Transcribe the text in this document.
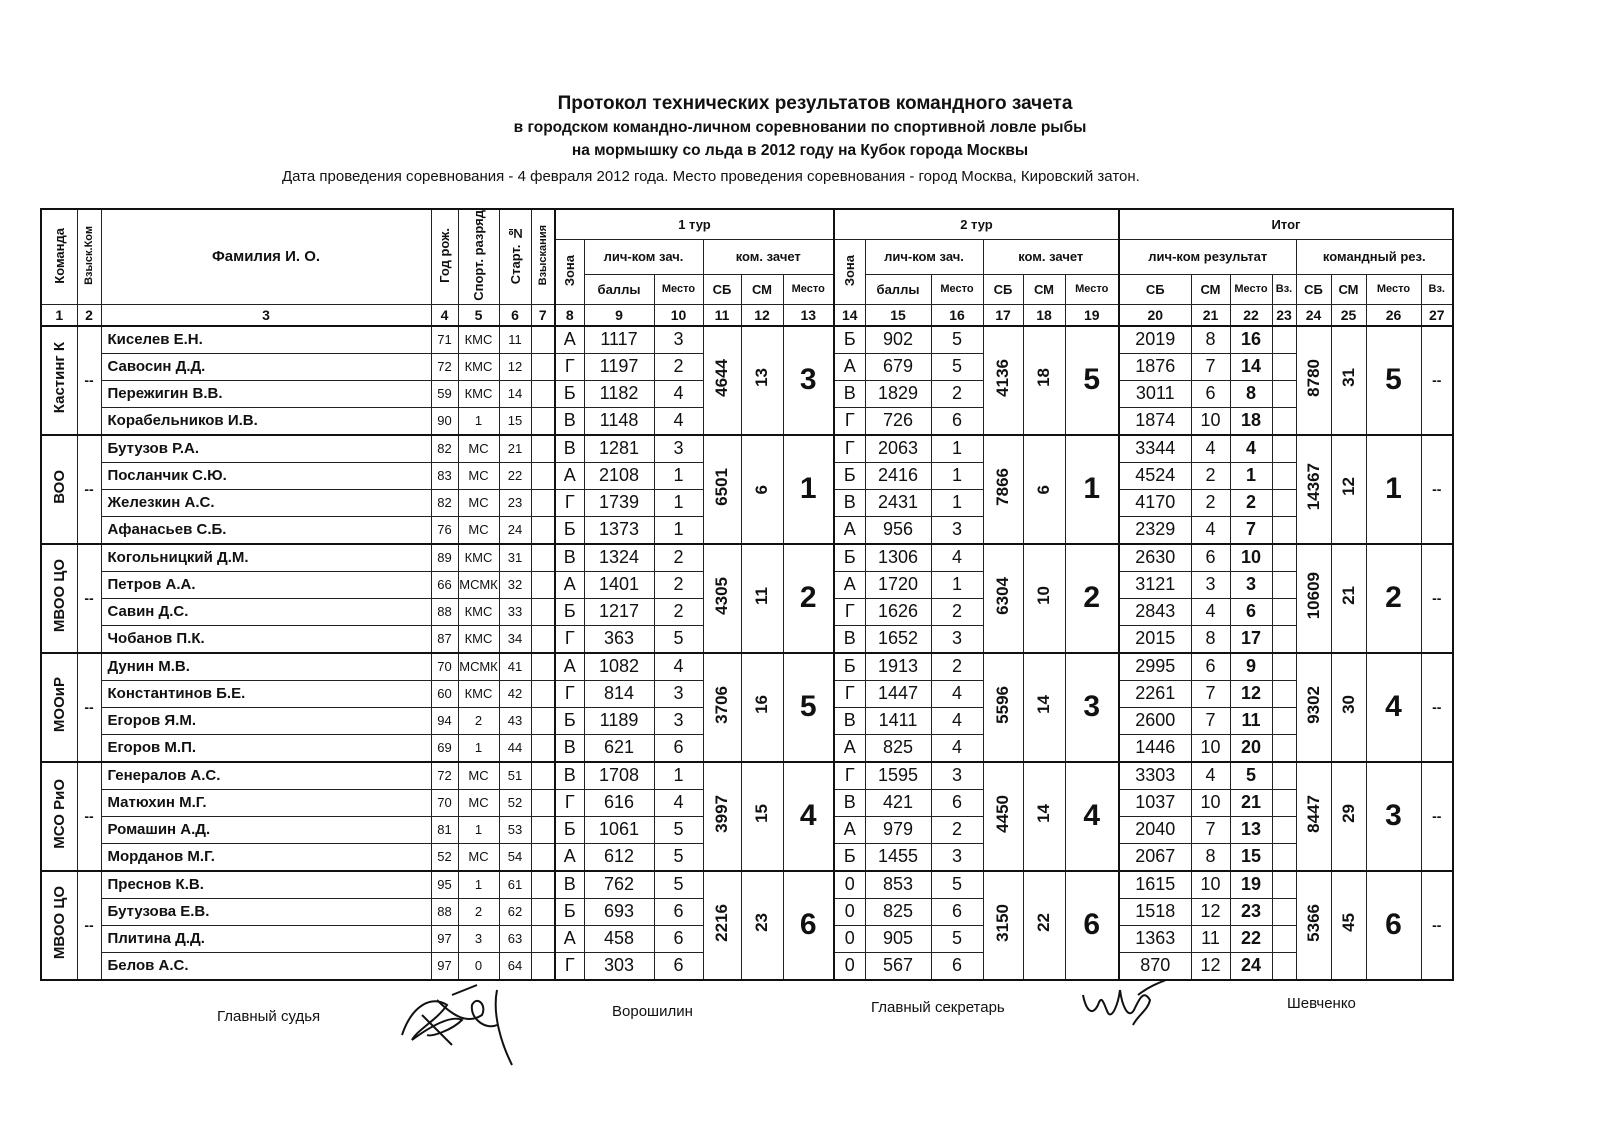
Протокол технических результатов командного зачета
в городском командно-личном соревновании по спортивной ловле рыбы
на мормышку со льда в 2012 году на Кубок города Москвы
Дата проведения соревнования - 4 февраля 2012 года. Место проведения соревнования - город Москва, Кировский затон.
Команда	Взыск.Ком	Фамилия И. О.	Год рож.	Спорт. разряд	Старт. №	Взыскания	1 тур						2 тур						Итог							
							Зона	лич-ком зач.		ком. зачет			Зона	лич-ком зач.		ком. зачет			лич-ком результат				командный рез.			
								баллы	Место	СБ	СМ	Место		баллы	Место	СБ	СМ	Место	СБ	СМ	Место	Вз.	СБ	СМ	Место	Вз.
1	2	3	4	5	6	7	8	9	10	11	12	13	14	15	16	17	18	19	20	21	22	23	24	25	26	27
Кастинг К	--	Киселев Е.Н.	71	КМС	11		А	1117	3	4644	13	3	Б	902	5	4136	18	5	2019	8	16		8780	31	5	--
		Савосин Д.Д.	72	КМС	12		Г	1197	2				А	679	5				1876	7	14					
		Пережигин В.В.	59	КМС	14		Б	1182	4				В	1829	2				3011	6	8					
		Корабельников И.В.	90	1	15		В	1148	4				Г	726	6				1874	10	18					
ВОО	--	Бутузов Р.А.	82	МС	21		В	1281	3	6501	6	1	Г	2063	1	7866	6	1	3344	4	4		14367	12	1	--
		Посланчик С.Ю.	83	МС	22		А	2108	1				Б	2416	1				4524	2	1					
		Железкин А.С.	82	МС	23		Г	1739	1				В	2431	1				4170	2	2					
		Афанасьев С.Б.	76	МС	24		Б	1373	1				А	956	3				2329	4	7					
МВОО ЦО	--	Когольницкий Д.М.	89	КМС	31		В	1324	2	4305	11	2	Б	1306	4	6304	10	2	2630	6	10		10609	21	2	--
		Петров А.А.	66	МСМК	32		А	1401	2				А	1720	1				3121	3	3					
		Савин Д.С.	88	КМС	33		Б	1217	2				Г	1626	2				2843	4	6					
		Чобанов П.К.	87	КМС	34		Г	363	5				В	1652	3				2015	8	17					
МООиР	--	Дунин М.В.	70	МСМК	41		А	1082	4	3706	16	5	Б	1913	2	5596	14	3	2995	6	9		9302	30	4	--
		Константинов Б.Е.	60	КМС	42		Г	814	3				Г	1447	4				2261	7	12					
		Егоров Я.М.	94	2	43		Б	1189	3				В	1411	4				2600	7	11					
		Егоров М.П.	69	1	44		В	621	6				А	825	4				1446	10	20					
МСО РиО	--	Генералов А.С.	72	МС	51		В	1708	1	3997	15	4	Г	1595	3	4450	14	4	3303	4	5		8447	29	3	--
		Матюхин М.Г.	70	МС	52		Г	616	4				В	421	6				1037	10	21					
		Ромашин А.Д.	81	1	53		Б	1061	5				А	979	2				2040	7	13					
		Морданов М.Г.	52	МС	54		А	612	5				Б	1455	3				2067	8	15					
МВОО ЦО	--	Преснов К.В.	95	1	61		В	762	5	2216	23	6	0	853	5	3150	22	6	1615	10	19		5366	45	6	--
		Бутузова Е.В.	88	2	62		Б	693	6				0	825	6				1518	12	23					
		Плитина Д.Д.	97	3	63		А	458	6				0	905	5				1363	11	22					
		Белов А.С.	97	0	64		Г	303	6				0	567	6				870	12	24					
Главный судья	Ворошилин	Главный секретарь	Шевченко
